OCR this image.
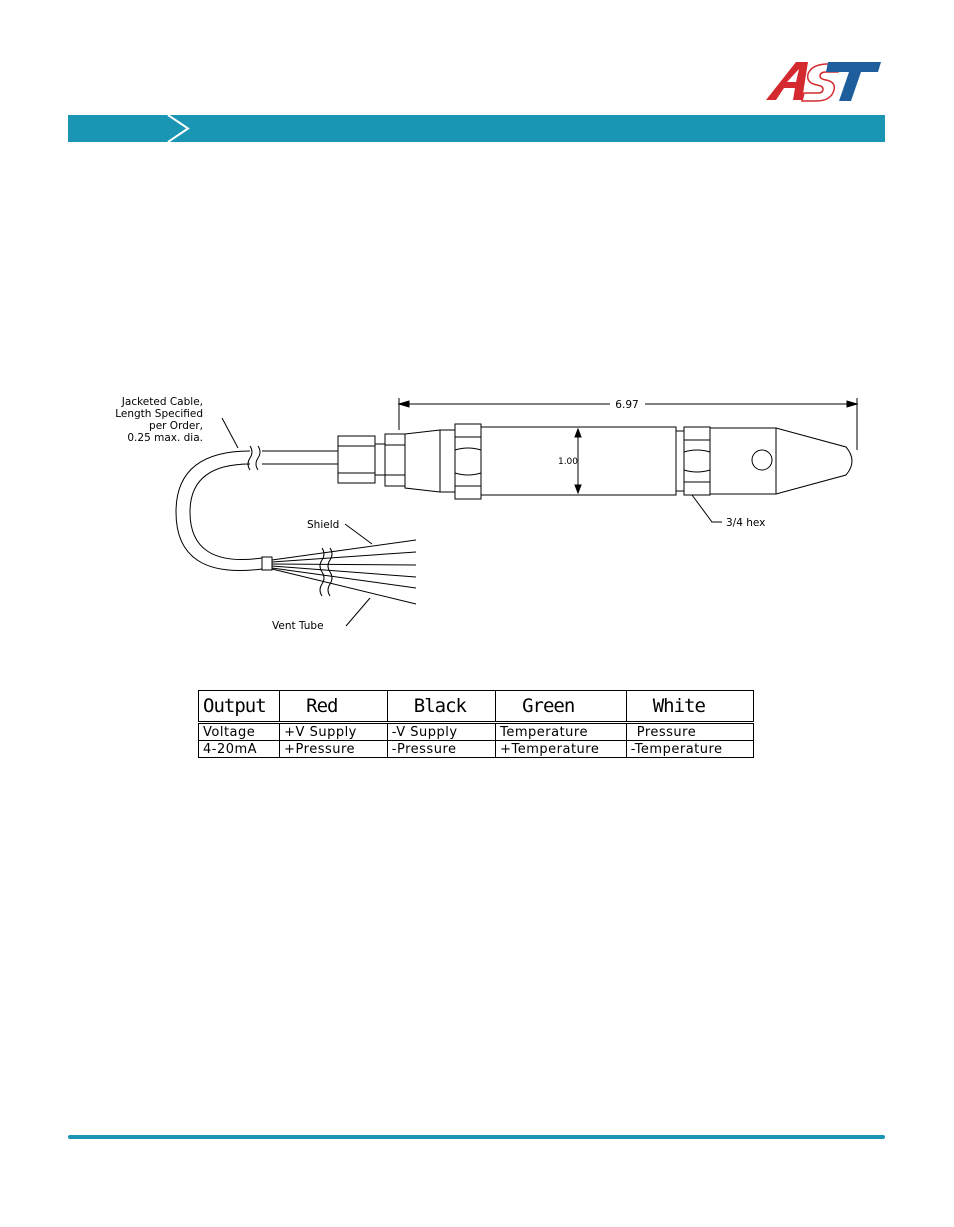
Jacketed Cable,
Length Specified
per Order,
0.25 max. dia.
Shield
Vent Tube
6.97
1.00
3/4 hex
Output	Red	Black	Green	White
Voltage	+V Supply	-V Supply	Temperature	Pressure
4-20mA	+Pressure	-Pressure	+Temperature	-Temperature
